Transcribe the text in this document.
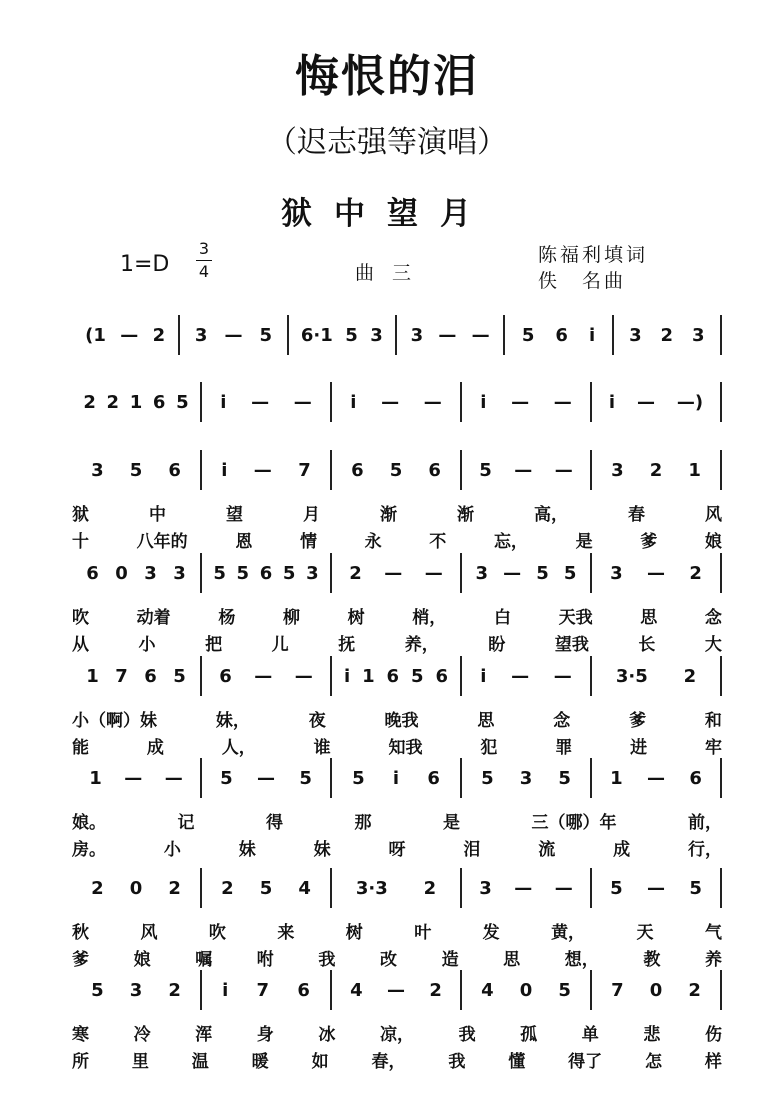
悔恨的泪
（迟志强等演唱）
狱中望月
1=D
3
4	曲三
陈福利填词
佚　名曲
(1 — 2 3 — 5 6·1 5 3 3 — — 5 6 i 3 2 3
2 2 1 6 5 i — — i — — i — — i — —)
3 5 6 i — 7 6 5 6 5 — — 3 2 1
狱	中	望	月	渐	渐	高，	春	风
十	八年的	恩	情	永	不	忘，	是	爹	娘
6 0 3 3 5 5 6 5 3 2 — — 3 — 5 5 3 — 2
吹	动着	杨	柳	树	梢，	白	天我	思	念
从	小	把	儿	抚	养，	盼	望我	长	大
1 7 6 5 6 — — i 1 6 5 6 i — — 3·5 2
小（啊）妹	妹，	夜	晚我	思	念	爹	和
能	成	人，	谁	知我	犯	罪	进	牢
1 — — 5 — 5 5 i 6 5 3 5 1 — 6
娘。	记	得	那	是	三（哪）年	前，
房。	小	妹	妹	呀	泪	流	成	行，
2 0 2 2 5 4 3·3 2 3 — — 5 — 5
秋	风	吹	来	树	叶	发	黄，	天	气
爹	娘	嘱	咐	我	改	造	思	想，	教	养
5 3 2 i 7 6 4 — 2 4 0 5 7 0 2
寒	冷	浑	身	冰	凉，	我	孤	单	悲	伤
所	里	温	暖	如	春，	我	懂	得了	怎	样
